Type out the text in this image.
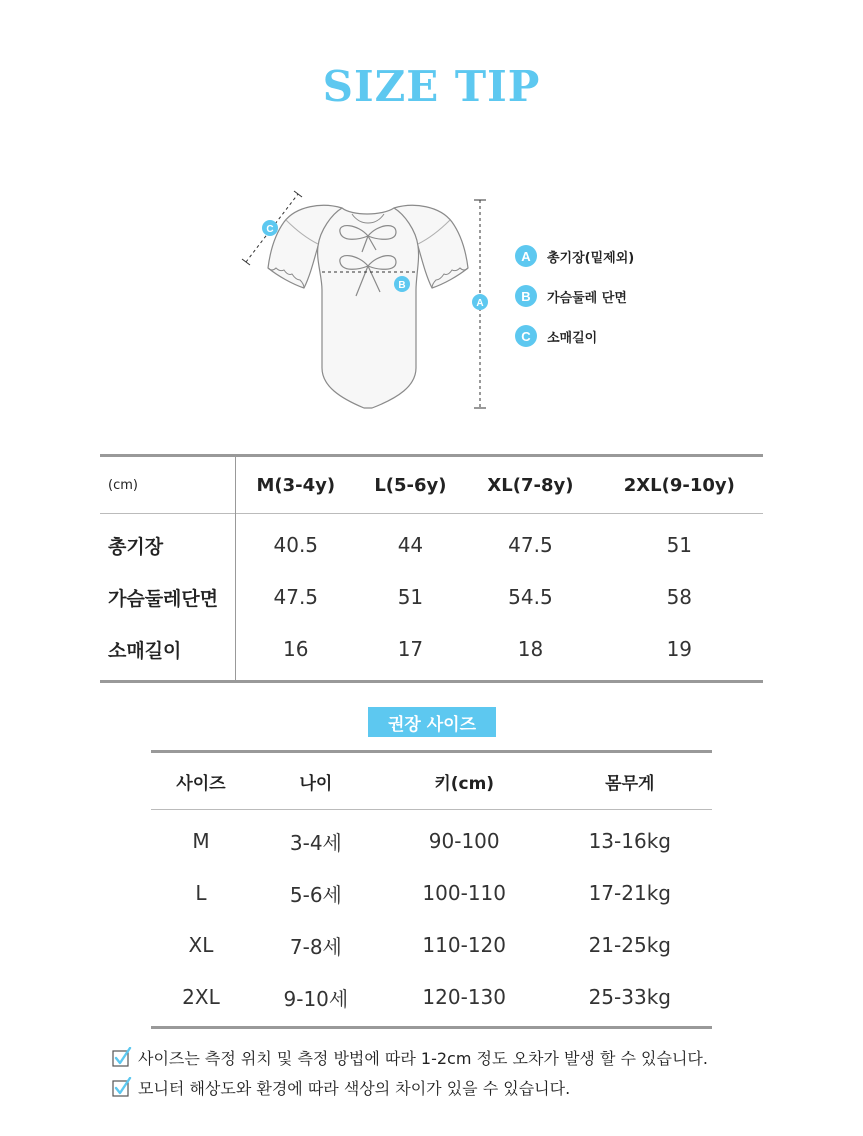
SIZE TIP
C
B
A
A	총기장(밑제외)
B	가슴둘레 단면
C	소매길이
(cm)	M(3-4y)	L(5-6y)	XL(7-8y)	2XL(9-10y)
총기장	40.5	44	47.5	51
가슴둘레단면	47.5	51	54.5	58
소매길이	16	17	18	19
권장 사이즈
사이즈	나이	키(cm)	몸무게
M	3-4세	90-100	13-16kg
L	5-6세	100-110	17-21kg
XL	7-8세	110-120	21-25kg
2XL	9-10세	120-130	25-33kg
사이즈는 측정 위치 및 측정 방법에 따라 1-2cm 정도 오차가 발생 할 수 있습니다.
모니터 해상도와 환경에 따라 색상의 차이가 있을 수 있습니다.
